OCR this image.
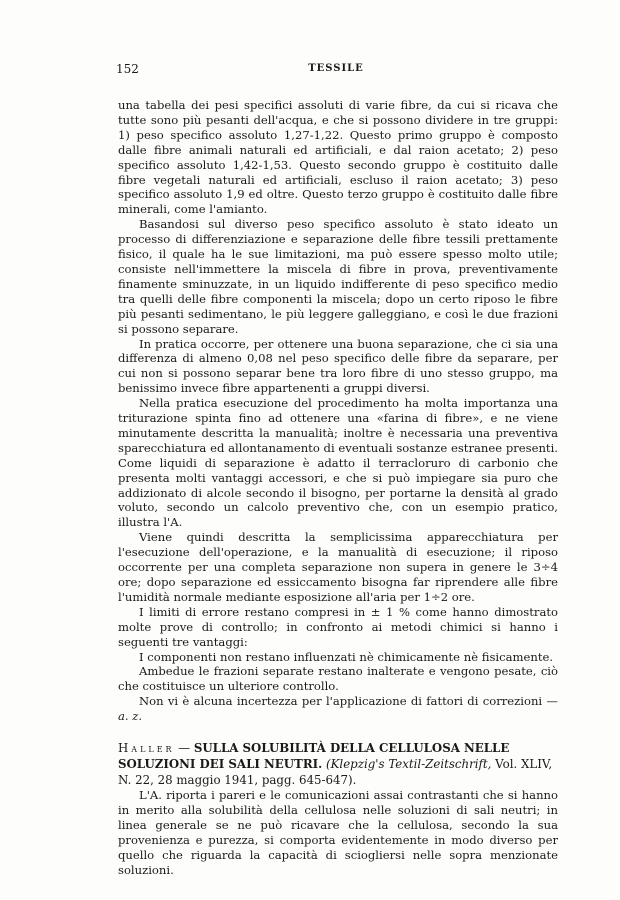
152	TESSILE

una tabella dei pesi specifici assoluti di varie fibre, da cui si ricava che tutte sono più pesanti dell'acqua, e che si possono dividere in tre gruppi: 1) peso specifico assoluto 1,27-1,22. Questo primo gruppo è composto dalle fibre animali naturali ed artificiali, e dal raion acetato; 2) peso specifico assoluto 1,42-1,53. Questo secondo gruppo è costituito dalle fibre vegetali naturali ed artificiali, escluso il raion acetato; 3) peso specifico assoluto 1,9 ed oltre. Questo terzo gruppo è costituito dalle fibre minerali, come l'amianto.

Basandosi sul diverso peso specifico assoluto è stato ideato un processo di differenziazione e separazione delle fibre tessili prettamente fisico, il quale ha le sue limitazioni, ma può essere spesso molto utile; consiste nell'immettere la miscela di fibre in prova, preventivamente finamente sminuzzate, in un liquido indifferente di peso specifico medio tra quelli delle fibre componenti la miscela; dopo un certo riposo le fibre più pesanti sedimentano, le più leggere galleggiano, e così le due frazioni si possono separare.

In pratica occorre, per ottenere una buona separazione, che ci sia una differenza di almeno 0,08 nel peso specifico delle fibre da separare, per cui non si possono separar bene tra loro fibre di uno stesso gruppo, ma benissimo invece fibre appartenenti a gruppi diversi.

Nella pratica esecuzione del procedimento ha molta importanza una triturazione spinta fino ad ottenere una «farina di fibre», e ne viene minutamente descritta la manualità; inoltre è necessaria una preventiva sparecchiatura ed allontanamento di eventuali sostanze estranee presenti. Come liquidi di separazione è adatto il terracloruro di carbonio che presenta molti vantaggi accessori, e che si può impiegare sia puro che addizionato di alcole secondo il bisogno, per portarne la densità al grado voluto, secondo un calcolo preventivo che, con un esempio pratico, illustra l'A.

Viene quindi descritta la semplicissima apparecchiatura per l'esecuzione dell'operazione, e la manualità di esecuzione; il riposo occorrente per una completa separazione non supera in genere le 3÷4 ore; dopo separazione ed essiccamento bisogna far riprendere alle fibre l'umidità normale mediante esposizione all'aria per 1÷2 ore.

I limiti di errore restano compresi in ± 1 % come hanno dimostrato molte prove di controllo; in confronto ai metodi chimici si hanno i seguenti tre vantaggi:

I componenti non restano influenzati nè chimicamente nè fisicamente.

Ambedue le frazioni separate restano inalterate e vengono pesate, ciò che costituisce un ulteriore controllo.

Non vi è alcuna incertezza per l'applicazione di fattori di correzioni — a. z.

Haller — SULLA SOLUBILITÀ DELLA CELLULOSA NELLE SOLUZIONI DEI SALI NEUTRI. (Klepzig's Textil-Zeitschrift, Vol. XLIV, N. 22, 28 maggio 1941, pagg. 645-647).

L'A. riporta i pareri e le comunicazioni assai contrastanti che si hanno in merito alla solubilità della cellulosa nelle soluzioni di sali neutri; in linea generale se ne può ricavare che la cellulosa, secondo la sua provenienza e purezza, si comporta evidentemente in modo diverso per quello che riguarda la capacità di sciogliersi nelle sopra menzionate soluzioni.
